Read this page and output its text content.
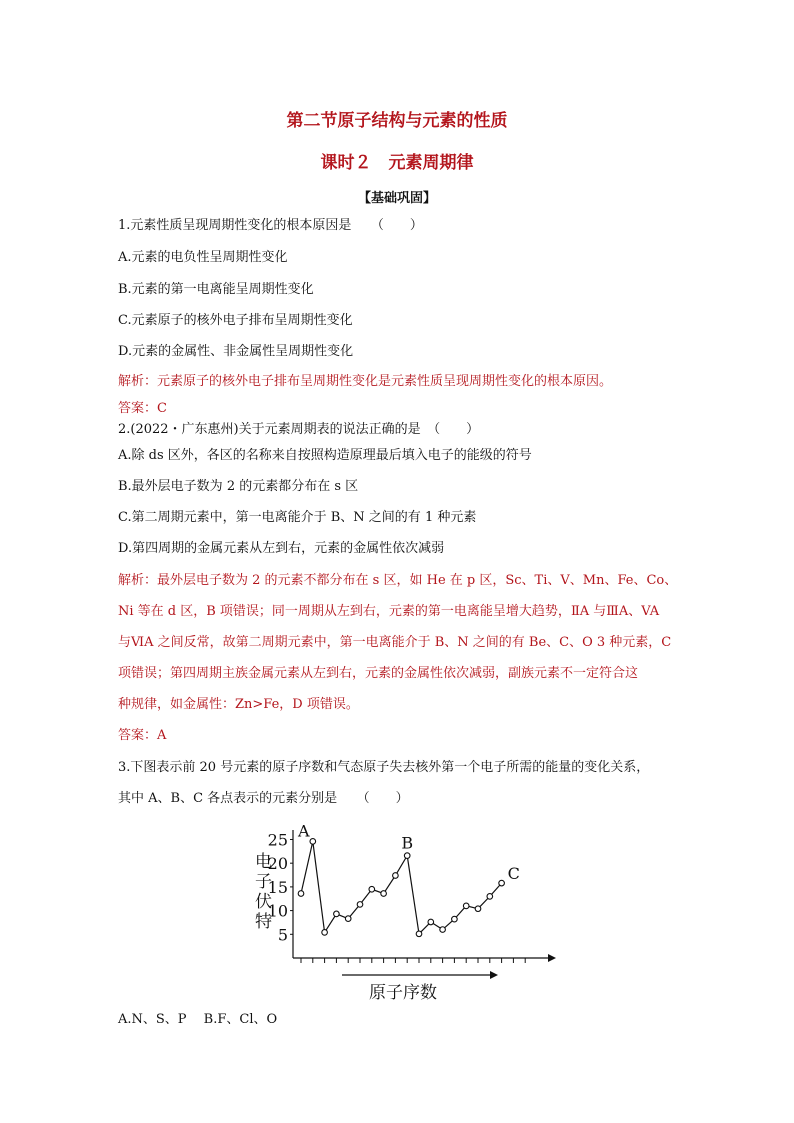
第二节原子结构与元素的性质
课时２　元素周期律
【基础巩固】
1.元素性质呈现周期性变化的根本原因是　　（　　）
A.元素的电负性呈周期性变化
B.元素的第一电离能呈周期性变化
C.元素原子的核外电子排布呈周期性变化
D.元素的金属性、非金属性呈周期性变化
解析：元素原子的核外电子排布呈周期性变化是元素性质呈现周期性变化的根本原因。
答案：C
2.(2022・广东惠州)关于元素周期表的说法正确的是　（　　）
A.除 ds 区外，各区的名称来自按照构造原理最后填入电子的能级的符号
B.最外层电子数为 2 的元素都分布在 s 区
C.第二周期元素中，第一电离能介于 B、N 之间的有 1 种元素
D.第四周期的金属元素从左到右，元素的金属性依次减弱
解析：最外层电子数为 2 的元素不都分布在 s 区，如 He 在 p 区，Sc、Ti、V、Mn、Fe、Co、
Ni 等在 d 区，B 项错误；同一周期从左到右，元素的第一电离能呈增大趋势，ⅡA 与ⅢA、VA
与ⅥA 之间反常，故第二周期元素中，第一电离能介于 B、N 之间的有 Be、C、O 3 种元素，C
项错误；第四周期主族金属元素从左到右，元素的金属性依次减弱，副族元素不一定符合这
种规律，如金属性：Zn>Fe，D 项错误。
答案：A
3.下图表示前 20 号元素的原子序数和气态原子失去核外第一个电子所需的能量的变化关系，
其中 A、B、C 各点表示的元素分别是　　（　　）
5
10
15
20
25
原子序数
电子伏特
A
B
C
A.N、S、P　 B.F、Cl、O
